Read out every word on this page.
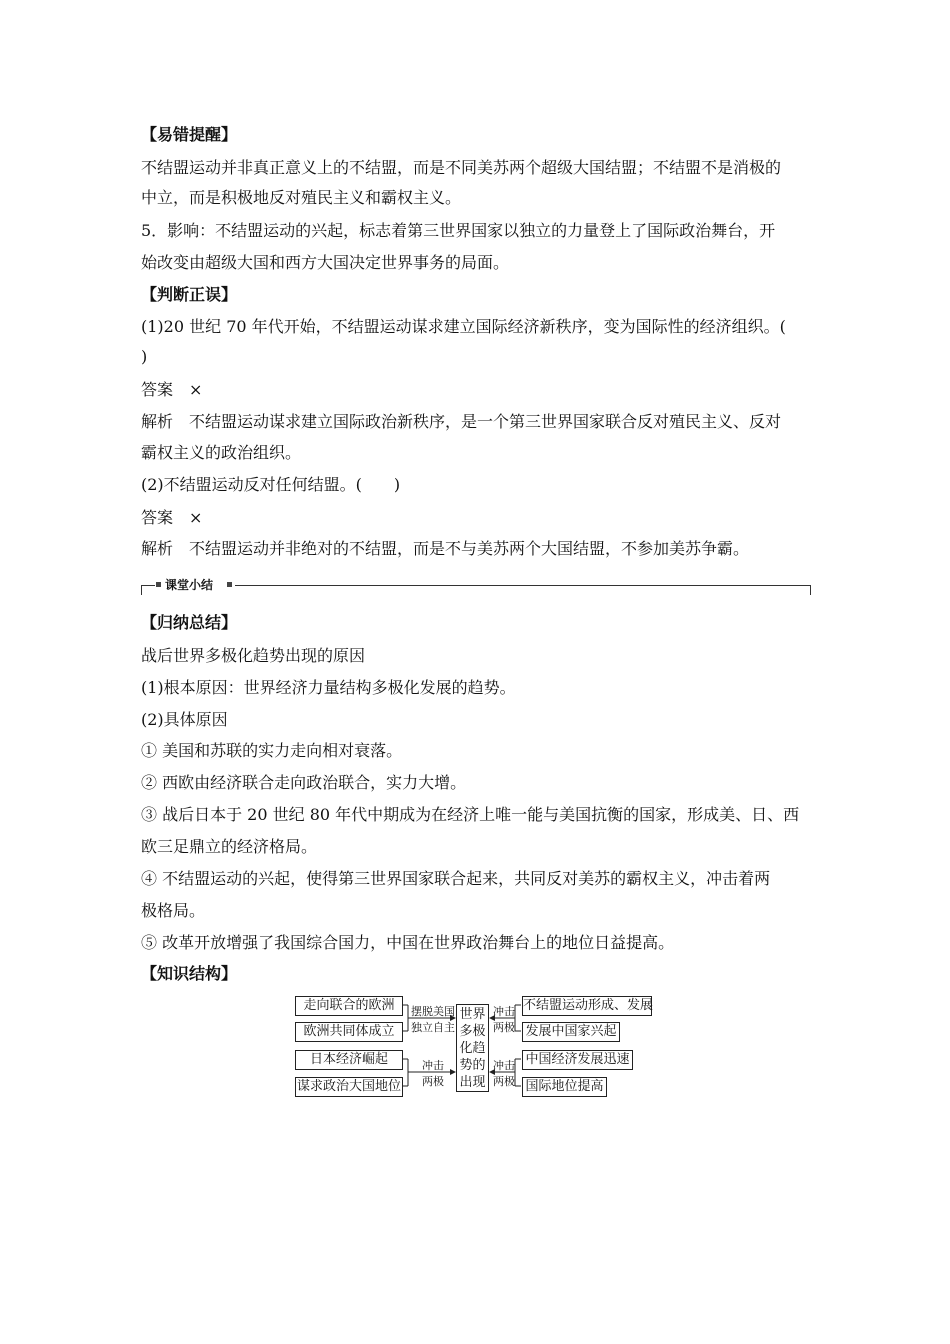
【易错提醒】
不结盟运动并非真正意义上的不结盟，而是不同美苏两个超级大国结盟；不结盟不是消极的
中立，而是积极地反对殖民主义和霸权主义。
5．影响：不结盟运动的兴起，标志着第三世界国家以独立的力量登上了国际政治舞台，开
始改变由超级大国和西方大国决定世界事务的局面。
【判断正误】
(1)20 世纪 70 年代开始，不结盟运动谋求建立国际经济新秩序，变为国际性的经济组织。(
)
答案　×
解析　不结盟运动谋求建立国际政治新秩序，是一个第三世界国家联合反对殖民主义、反对
霸权主义的政治组织。
(2)不结盟运动反对任何结盟。(　　)
答案　×
解析　不结盟运动并非绝对的不结盟，而是不与美苏两个大国结盟，不参加美苏争霸。
课堂小结
【归纳总结】
战后世界多极化趋势出现的原因
(1)根本原因：世界经济力量结构多极化发展的趋势。
(2)具体原因
① 美国和苏联的实力走向相对衰落。
② 西欧由经济联合走向政治联合，实力大增。
③ 战后日本于 20 世纪 80 年代中期成为在经济上唯一能与美国抗衡的国家，形成美、日、西
欧三足鼎立的经济格局。
④ 不结盟运动的兴起，使得第三世界国家联合起来，共同反对美苏的霸权主义，冲击着两
极格局。
⑤ 改革开放增强了我国综合国力，中国在世界政治舞台上的地位日益提高。
【知识结构】
走向联合的欧洲
欧洲共同体成立
日本经济崛起
谋求政治大国地位
摆脱美国
独立自主
冲击
两极
世界
多极
化趋
势的
出现
冲击
两极
冲击
两极
不结盟运动形成、发展
发展中国家兴起
中国经济发展迅速
国际地位提高
